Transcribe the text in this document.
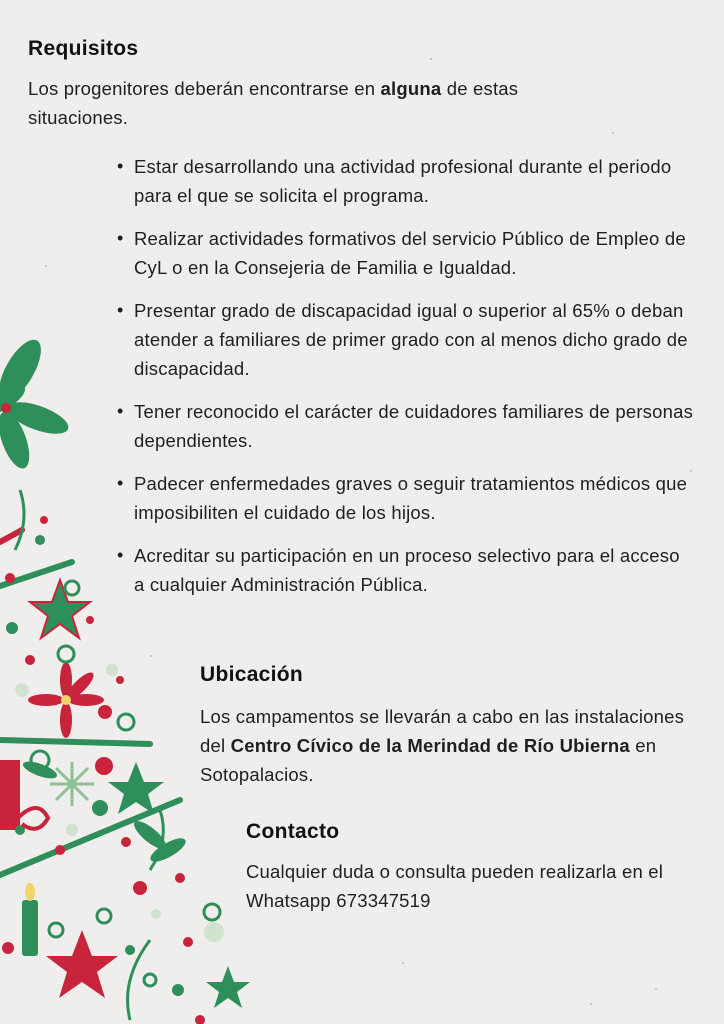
Requisitos

Los progenitores deberán encontrarse en alguna de estas situaciones.

• Estar desarrollando una actividad profesional durante el periodo para el que se solicita el programa.
• Realizar actividades formativos del servicio Público de Empleo de CyL o en la Consejeria de Familia e Igualdad.
• Presentar grado de discapacidad igual o superior al 65% o deban atender a familiares de primer grado con al menos dicho grado de discapacidad.
• Tener reconocido el carácter de cuidadores familiares de personas dependientes.
• Padecer enfermedades graves o seguir tratamientos médicos que imposibiliten el cuidado de los hijos.
• Acreditar su participación en un proceso selectivo para el acceso a cualquier Administración Pública.
Ubicación

Los campamentos se llevarán a cabo en las instalaciones del Centro Cívico de la Merindad de Río Ubierna en Sotopalacios.

Contacto

Cualquier duda o consulta pueden realizarla en el Whatsapp 673347519
